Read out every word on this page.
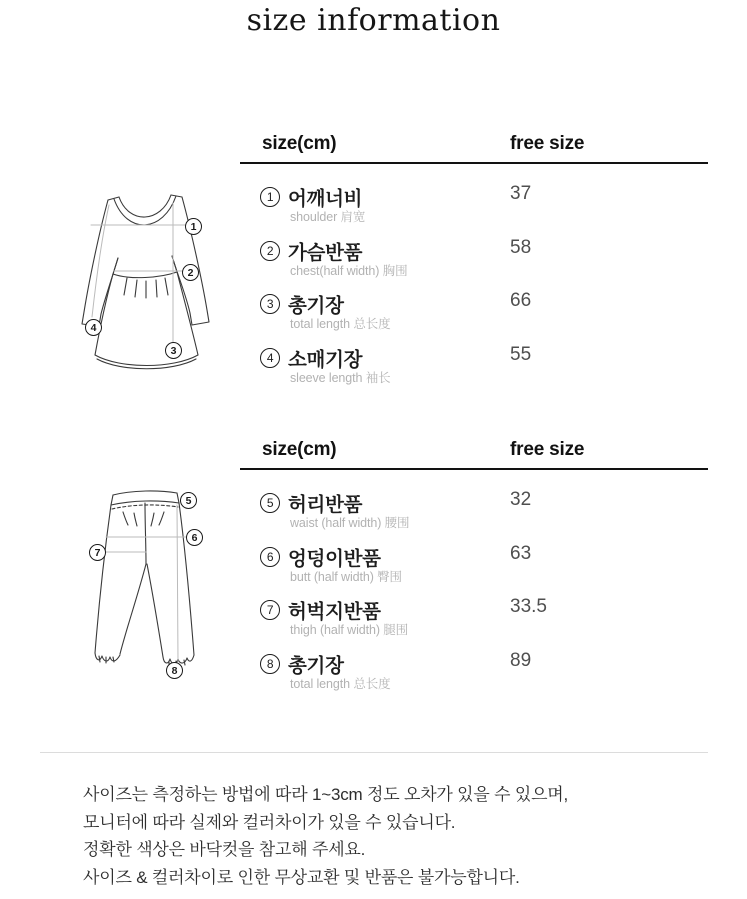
size information
1
2
3
4
size(cm)	free size
1 어깨너비
shoulder 肩宽
37
2 가슴반품
chest(half width) 胸围
58
3 총기장
total length 总长度
66
4 소매기장
sleeve length 袖长
55
5
6
7
8
size(cm)	free size
5 허리반품
waist (half width) 腰围
32
6 엉덩이반품
butt (half width) 臀围
63
7 허벅지반품
thigh (half width) 腿围
33.5
8 총기장
total length 总长度
89

사이즈는 측정하는 방법에 따라 1~3cm 정도 오차가 있을 수 있으며,

모니터에 따라 실제와 컬러차이가 있을 수 있습니다.

정확한 색상은 바닥컷을 참고해 주세요.

사이즈 & 컬러차이로 인한 무상교환 및 반품은 불가능합니다.
